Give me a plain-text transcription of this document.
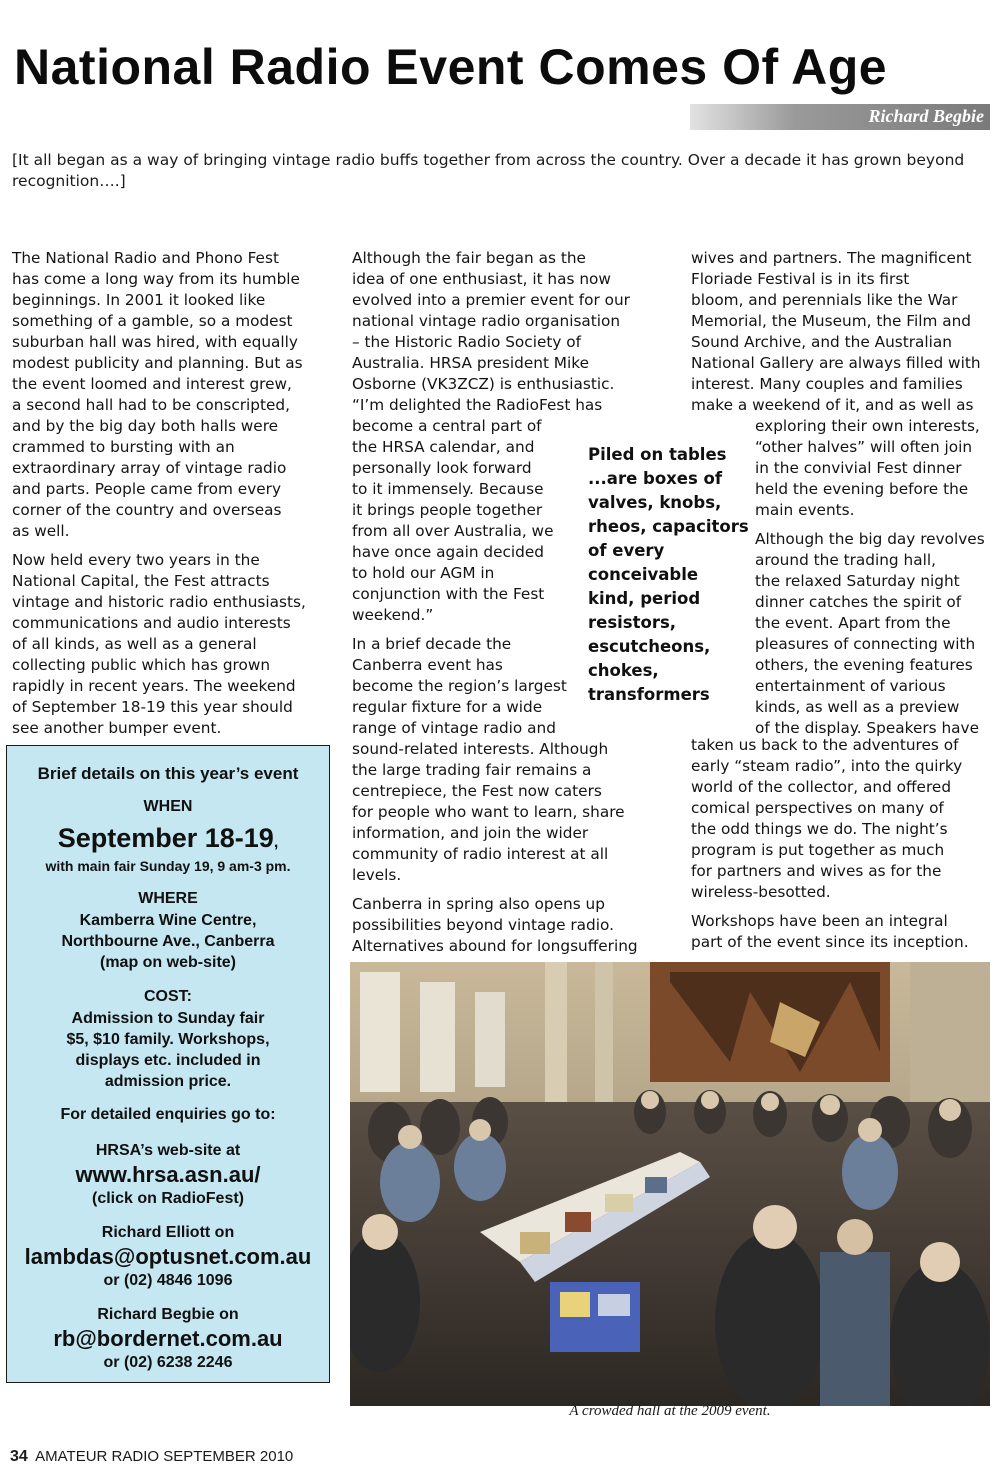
National Radio Event Comes Of Age
Richard Begbie
[It all began as a way of bringing vintage radio buffs together from across the country. Over a decade it has grown beyond recognition….]

The National Radio and Phono Fest
has come a long way from its humble
beginnings. In 2001 it looked like
something of a gamble, so a modest
suburban hall was hired, with equally
modest publicity and planning. But as
the event loomed and interest grew,
a second hall had to be conscripted,
and by the big day both halls were
crammed to bursting with an
extraordinary array of vintage radio
and parts. People came from every
corner of the country and overseas
as well.

Now held every two years in the
National Capital, the Fest attracts
vintage and historic radio enthusiasts,
communications and audio interests
of all kinds, as well as a general
collecting public which has grown
rapidly in recent years. The weekend
of September 18-19 this year should
see another bumper event.

Although the fair began as the
idea of one enthusiast, it has now
evolved into a premier event for our
national vintage radio organisation
– the Historic Radio Society of
Australia. HRSA president Mike
Osborne (VK3ZCZ) is enthusiastic.
“I’m delighted the RadioFest has
become a central part of
the HRSA calendar, and
personally look forward
to it immensely. Because
it brings people together
from all over Australia, we
have once again decided
to hold our AGM in
conjunction with the Fest
weekend.”

In a brief decade the
Canberra event has
become the region’s largest
regular fixture for a wide
range of vintage radio and
sound-related interests. Although
the large trading fair remains a
centrepiece, the Fest now caters
for people who want to learn, share
information, and join the wider
community of radio interest at all
levels.

Canberra in spring also opens up
possibilities beyond vintage radio.
Alternatives abound for longsuffering

wives and partners. The magnificent
Floriade Festival is in its first
bloom, and perennials like the War
Memorial, the Museum, the Film and
Sound Archive, and the Australian
National Gallery are always filled with
interest. Many couples and families
make a weekend of it, and as well as

exploring their own interests,
“other halves” will often join
in the convivial Fest dinner
held the evening before the
main events.

Although the big day revolves
around the trading hall,
the relaxed Saturday night
dinner catches the spirit of
the event. Apart from the
pleasures of connecting with
others, the evening features
entertainment of various
kinds, as well as a preview
of the display. Speakers have

taken us back to the adventures of
early “steam radio”, into the quirky
world of the collector, and offered
comical perspectives on many of
the odd things we do. The night’s
program is put together as much
for partners and wives as for the
wireless-besotted.

Workshops have been an integral
part of the event since its inception.

Piled on tables
...are boxes of
valves, knobs,
rheos, capacitors
of every
conceivable
kind, period
resistors,
escutcheons,
chokes,
transformers
Brief details on this year’s event
WHEN
September 18-19,
with main fair Sunday 19, 9 am-3 pm.
WHERE
Kamberra Wine Centre,
Northbourne Ave., Canberra
(map on web-site)
COST:
Admission to Sunday fair
$5, $10 family. Workshops,
displays etc. included in
admission price.
For detailed enquiries go to:
HRSA’s web-site at
www.hrsa.asn.au/
(click on RadioFest)
Richard Elliott on
lambdas@optusnet.com.au
or (02) 4846 1096
Richard Begbie on
rb@bordernet.com.au
or (02) 6238 2246
A crowded hall at the 2009 event.
34 AMATEUR RADIO SEPTEMBER 2010
